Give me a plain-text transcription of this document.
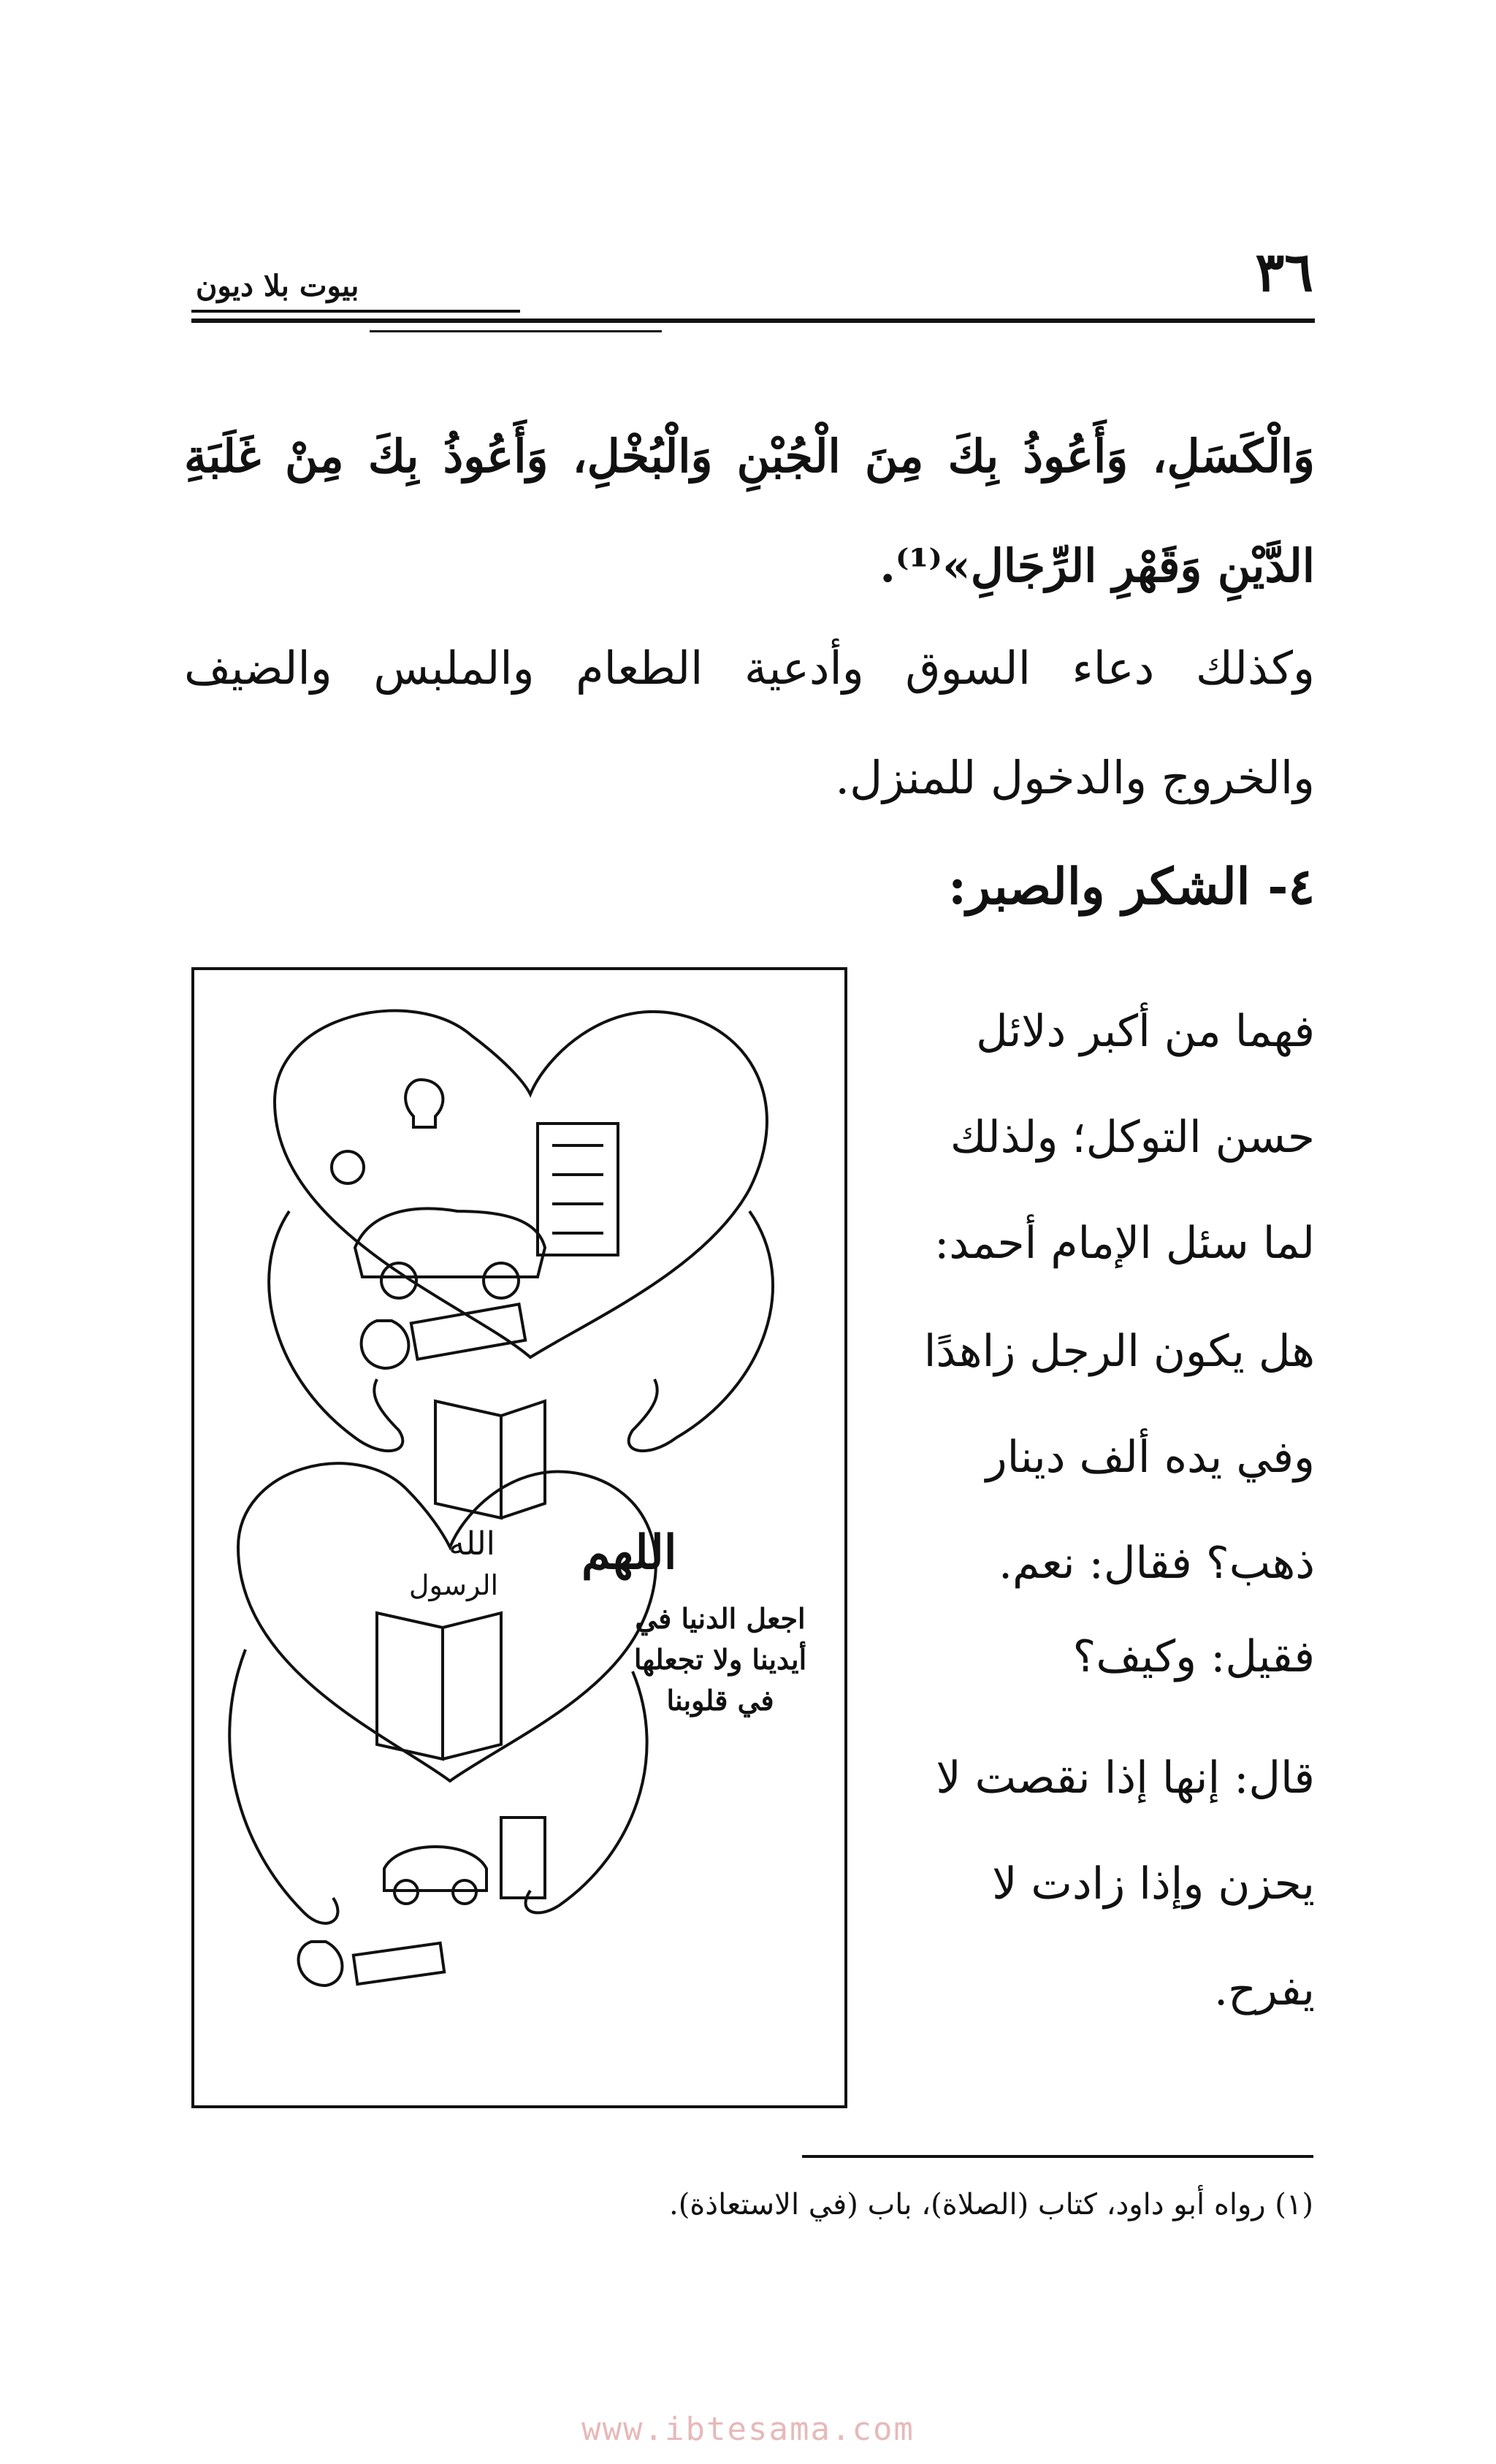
٣٦
بيوت بلا ديون
وَالْكَسَلِ، وَأَعُوذُ بِكَ مِنَ الْجُبْنِ وَالْبُخْلِ، وَأَعُوذُ بِكَ مِنْ غَلَبَةِ الدَّيْنِ وَقَهْرِ الرِّجَالِ»⁽¹⁾.
وكذلك دعاء السوق وأدعية الطعام والملبس والضيف والخروج والدخول للمنزل.
٤- الشكر والصبر:

فهما من أكبر دلائل حسن التوكل؛ ولذلك لما سئل الإمام أحمد:

هل يكون الرجل زاهدًا وفي يده ألف دينار ذهب؟ فقال: نعم.

فقيل: وكيف؟

قال: إنها إذا نقصت لا يحزن وإذا زادت لا يفرح.

اللهم
اجعل الدنيا في أيدينا ولا تجعلها في قلوبنا
الله
الرسول
(١) رواه أبو داود، كتاب (الصلاة)، باب (في الاستعاذة).
www.ibtesama.com
